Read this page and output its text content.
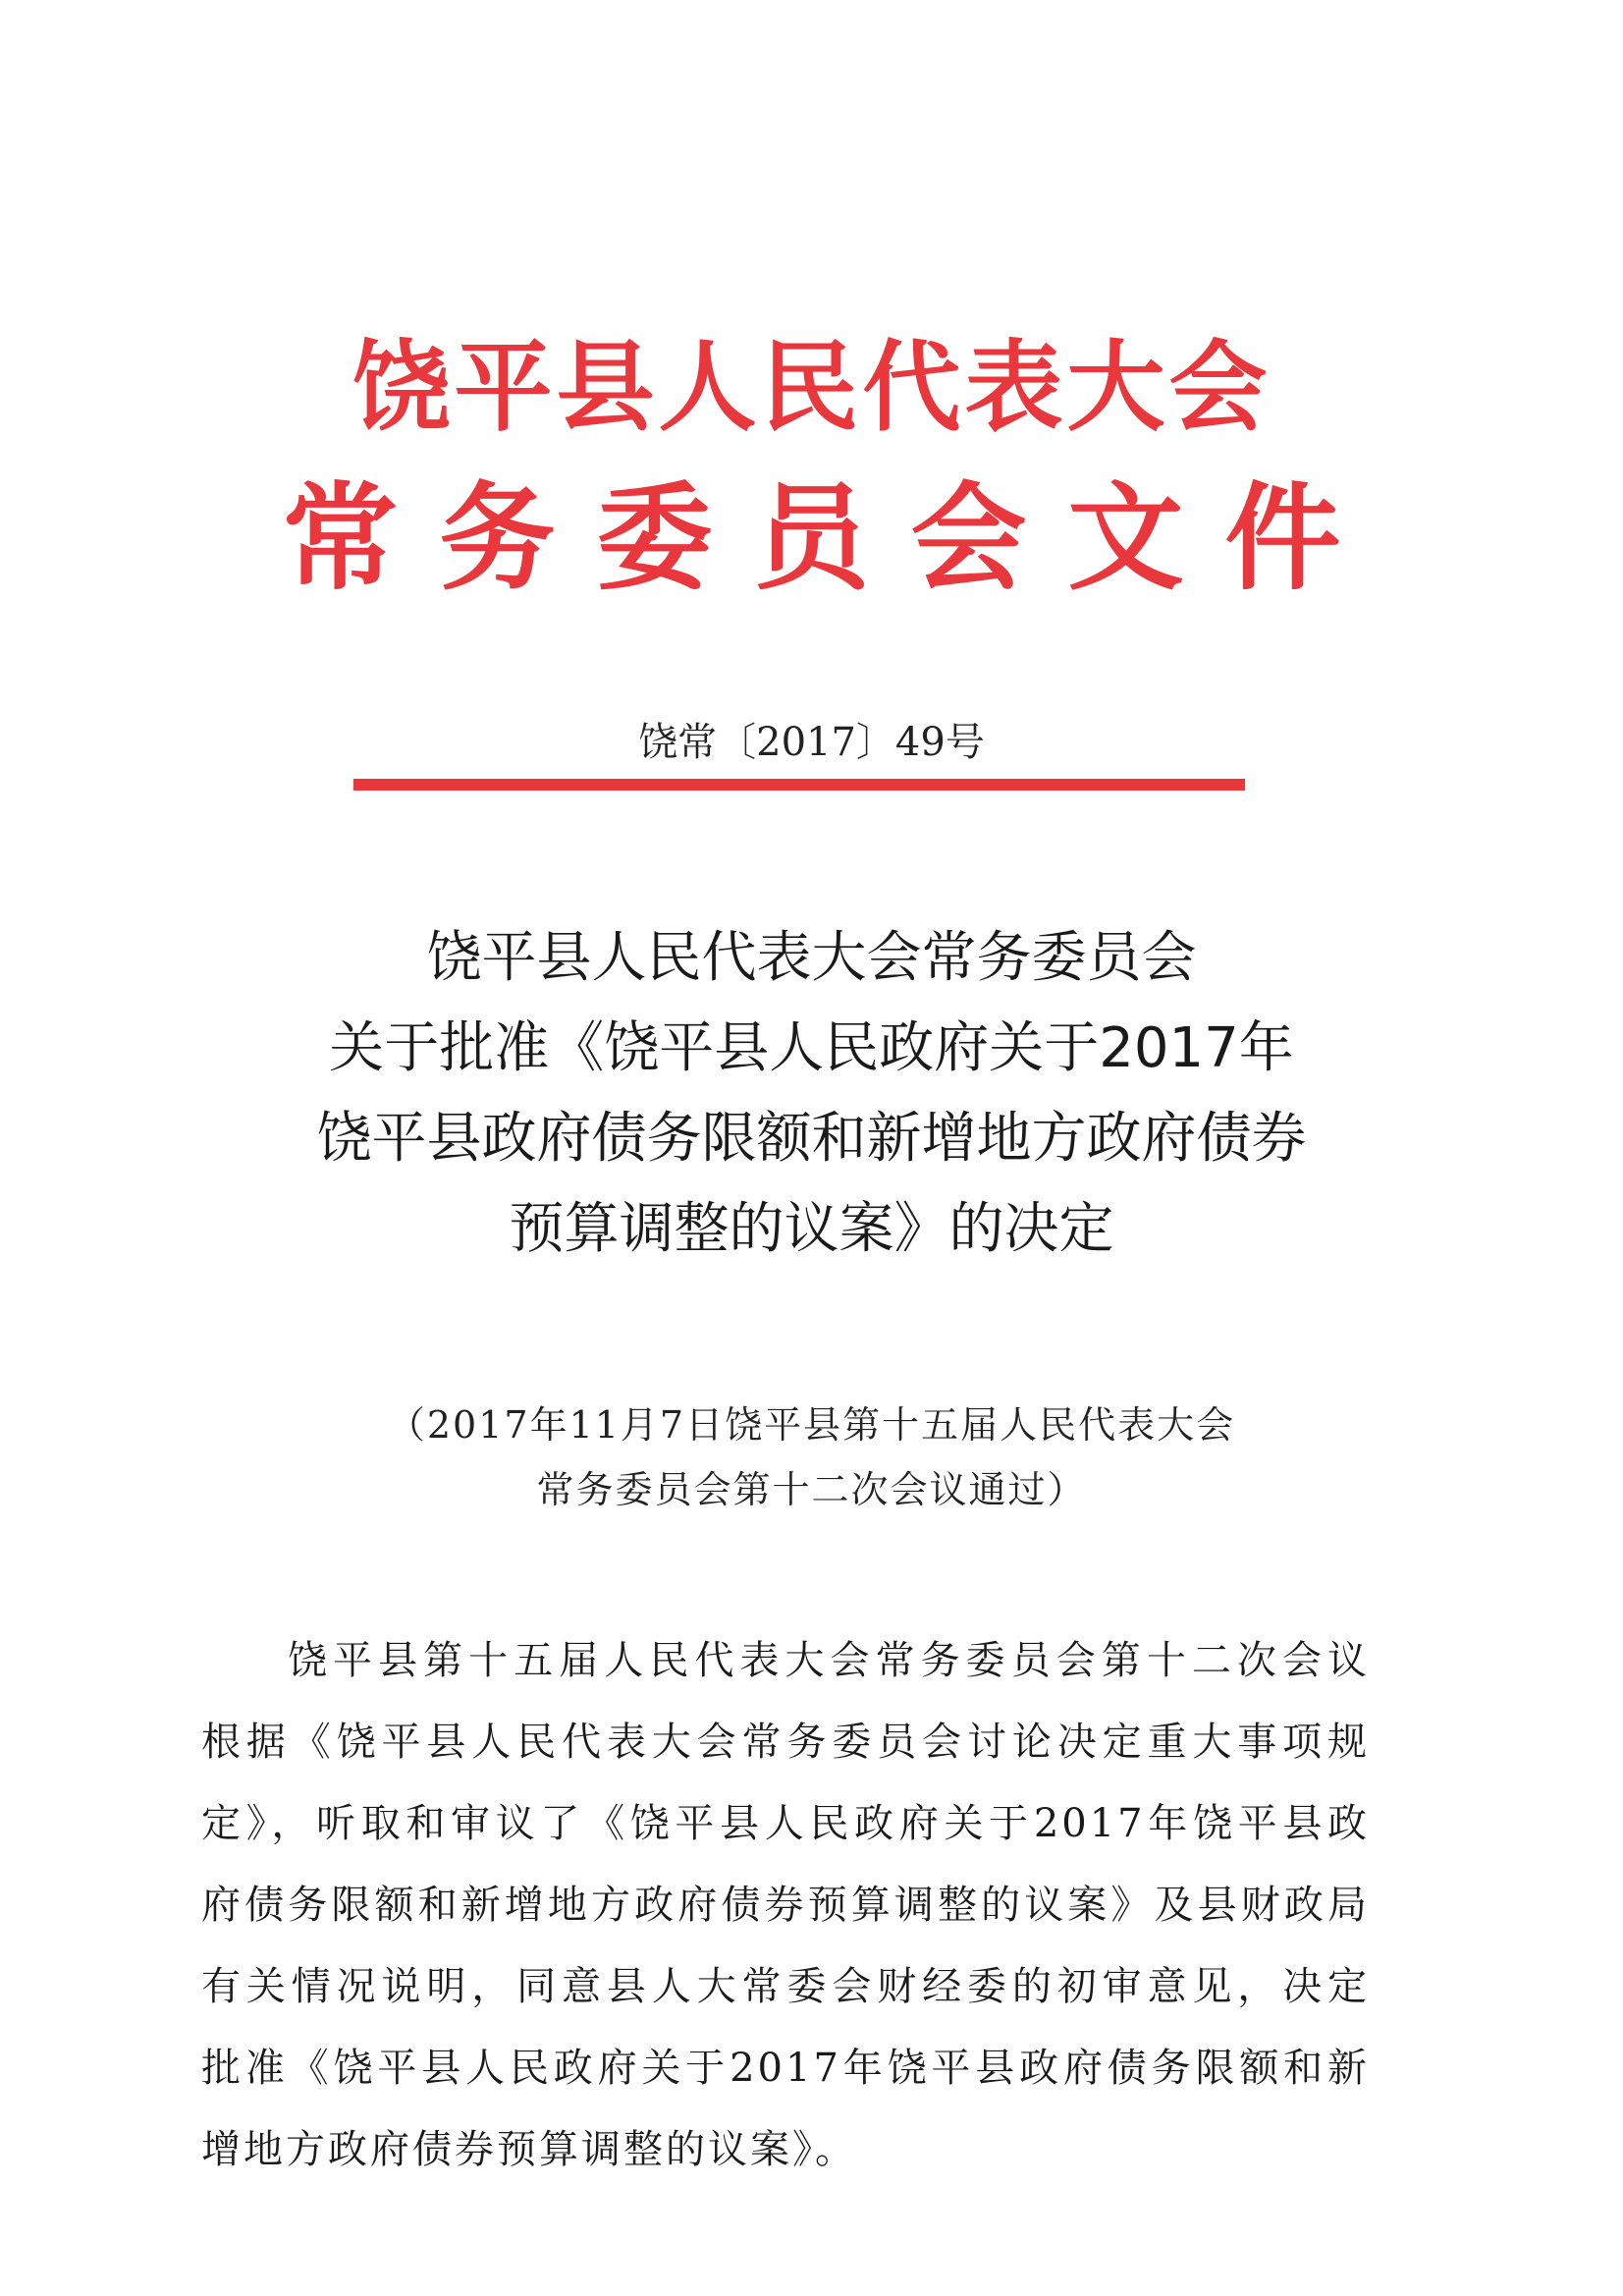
饶平县人民代表大会
常务委员会文件
饶常〔2017〕49号
饶平县人民代表大会常务委员会
关于批准《饶平县人民政府关于2017年
饶平县政府债务限额和新增地方政府债券
预算调整的议案》的决定
（2017年11月7日饶平县第十五届人民代表大会
常务委员会第十二次会议通过）
饶平县第十五届人民代表大会常务委员会第十二次会议
根据《饶平县人民代表大会常务委员会讨论决定重大事项规
定》，听取和审议了《饶平县人民政府关于2017年饶平县政
府债务限额和新增地方政府债券预算调整的议案》及县财政局
有关情况说明，同意县人大常委会财经委的初审意见，决定
批准《饶平县人民政府关于2017年饶平县政府债务限额和新
增地方政府债券预算调整的议案》。
